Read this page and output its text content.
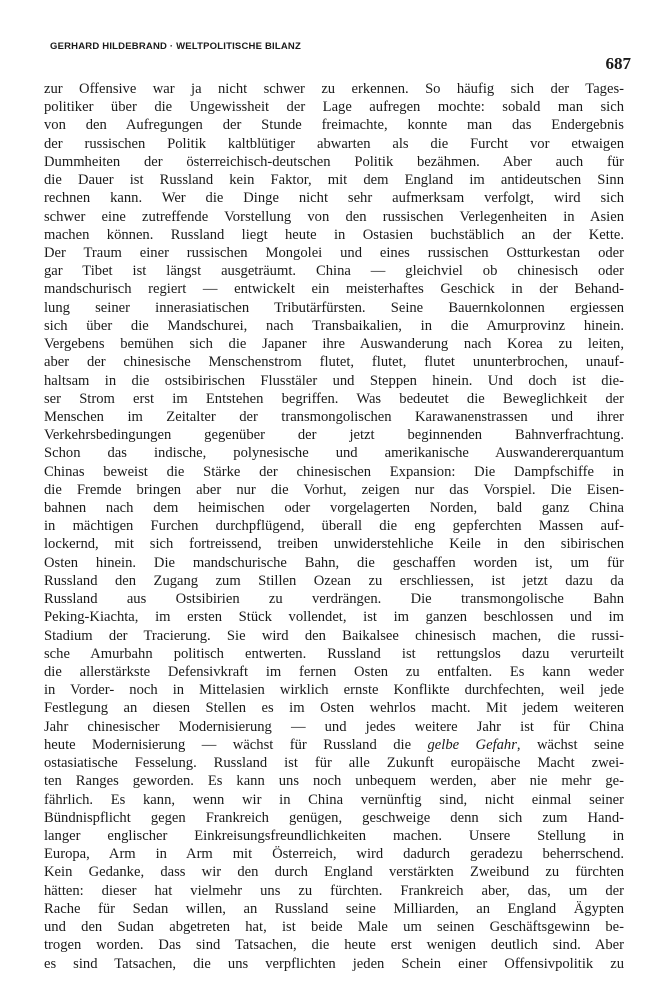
GERHARD HILDEBRAND · WELTPOLITISCHE BILANZ
687
zur Offensive war ja nicht schwer zu erkennen. So häufig sich der Tages-
politiker über die Ungewissheit der Lage aufregen mochte: sobald man sich
von den Aufregungen der Stunde freimachte, konnte man das Endergebnis
der russischen Politik kaltblütiger abwarten als die Furcht vor etwaigen
Dummheiten der österreichisch-deutschen Politik bezähmen. Aber auch für
die Dauer ist Russland kein Faktor, mit dem England im antideutschen Sinn
rechnen kann. Wer die Dinge nicht sehr aufmerksam verfolgt, wird sich
schwer eine zutreffende Vorstellung von den russischen Verlegenheiten in Asien
machen können. Russland liegt heute in Ostasien buchstäblich an der Kette.
Der Traum einer russischen Mongolei und eines russischen Ostturkestan oder
gar Tibet ist längst ausgeträumt. China — gleichviel ob chinesisch oder
mandschurisch regiert — entwickelt ein meisterhaftes Geschick in der Behand-
lung seiner innerasiatischen Tributärfürsten. Seine Bauernkolonnen ergiessen
sich über die Mandschurei, nach Transbaikalien, in die Amurprovinz hinein.
Vergebens bemühen sich die Japaner ihre Auswanderung nach Korea zu leiten,
aber der chinesische Menschenstrom flutet, flutet, flutet ununterbrochen, unauf-
haltsam in die ostsibirischen Flusstäler und Steppen hinein. Und doch ist die-
ser Strom erst im Entstehen begriffen. Was bedeutet die Beweglichkeit der
Menschen im Zeitalter der transmongolischen Karawanenstrassen und ihrer
Verkehrsbedingungen gegenüber der jetzt beginnenden Bahnverfrachtung.
Schon das indische, polynesische und amerikanische Auswandererquantum
Chinas beweist die Stärke der chinesischen Expansion: Die Dampfschiffe in
die Fremde bringen aber nur die Vorhut, zeigen nur das Vorspiel. Die Eisen-
bahnen nach dem heimischen oder vorgelagerten Norden, bald ganz China
in mächtigen Furchen durchpflügend, überall die eng gepferchten Massen auf-
lockernd, mit sich fortreissend, treiben unwiderstehliche Keile in den sibirischen
Osten hinein. Die mandschurische Bahn, die geschaffen worden ist, um für
Russland den Zugang zum Stillen Ozean zu erschliessen, ist jetzt dazu da
Russland aus Ostsibirien zu verdrängen. Die transmongolische Bahn
Peking-Kiachta, im ersten Stück vollendet, ist im ganzen beschlossen und im
Stadium der Tracierung. Sie wird den Baikalsee chinesisch machen, die russi-
sche Amurbahn politisch entwerten. Russland ist rettungslos dazu verurteilt
die allerstärkste Defensivkraft im fernen Osten zu entfalten. Es kann weder
in Vorder- noch in Mittelasien wirklich ernste Konflikte durchfechten, weil jede
Festlegung an diesen Stellen es im Osten wehrlos macht. Mit jedem weiteren
Jahr chinesischer Modernisierung — und jedes weitere Jahr ist für China
heute Modernisierung — wächst für Russland die gelbe Gefahr, wächst seine
ostasiatische Fesselung. Russland ist für alle Zukunft europäische Macht zwei-
ten Ranges geworden. Es kann uns noch unbequem werden, aber nie mehr ge-
fährlich. Es kann, wenn wir in China vernünftig sind, nicht einmal seiner
Bündnispflicht gegen Frankreich genügen, geschweige denn sich zum Hand-
langer englischer Einkreisungsfreundlichkeiten machen. Unsere Stellung in
Europa, Arm in Arm mit Österreich, wird dadurch geradezu beherrschend.
Kein Gedanke, dass wir den durch England verstärkten Zweibund zu fürchten
hätten: dieser hat vielmehr uns zu fürchten. Frankreich aber, das, um der
Rache für Sedan willen, an Russland seine Milliarden, an England Ägypten
und den Sudan abgetreten hat, ist beide Male um seinen Geschäftsgewinn be-
trogen worden. Das sind Tatsachen, die heute erst wenigen deutlich sind. Aber
es sind Tatsachen, die uns verpflichten jeden Schein einer Offensivpolitik zu
